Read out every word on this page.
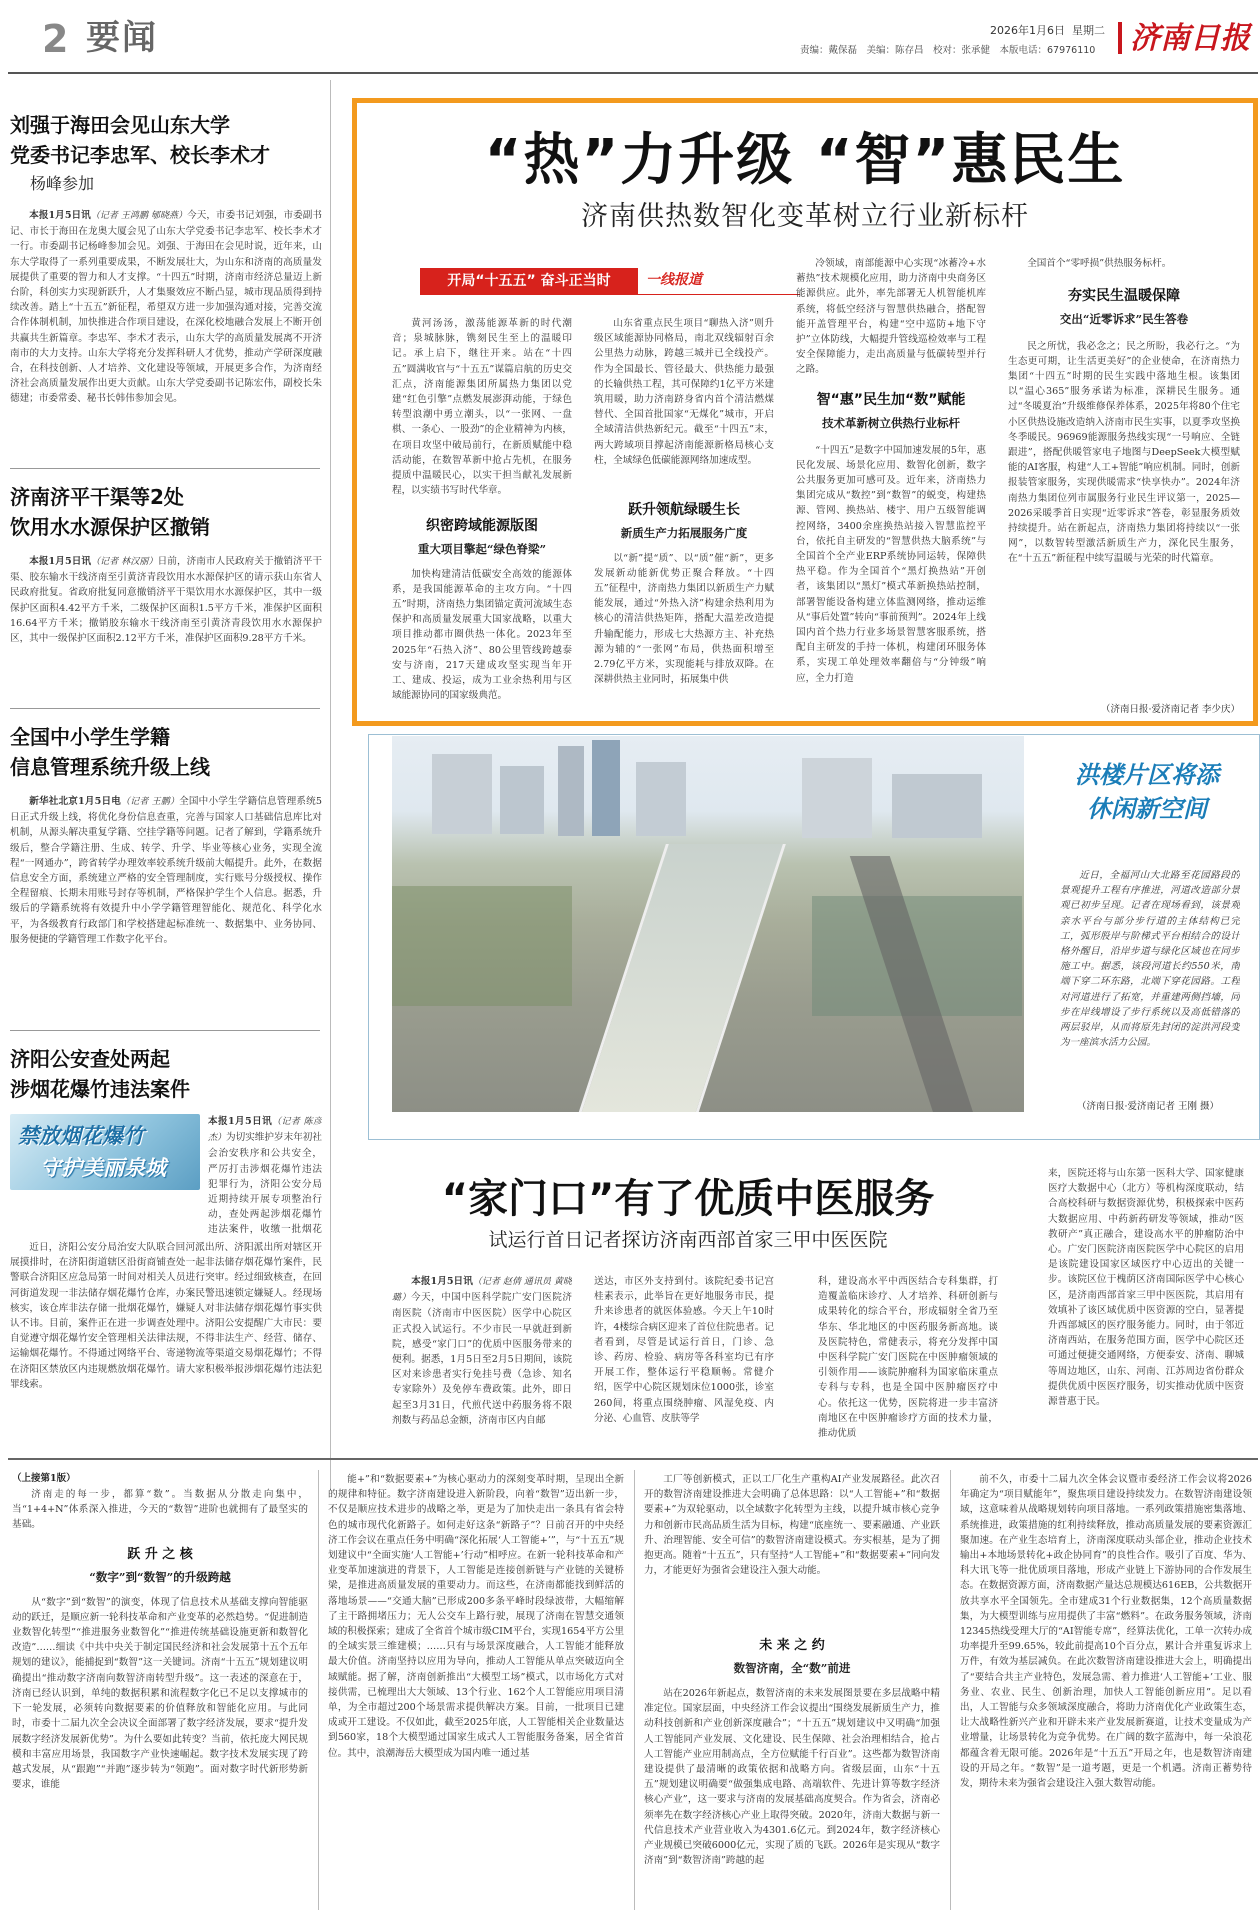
2 要闻	2026年1月6日 星期二
责编：戴保磊　美编：陈存昌　校对：张承健　本版电话：67976110 济南日报
刘强于海田会见山东大学
党委书记李忠军、校长李术才
杨峰参加
本报1月5日讯（记者 王鸿鹏 郇晓燕）今天，市委书记刘强，市委副书记、市长于海田在龙奥大厦会见了山东大学党委书记李忠军、校长李术才一行。市委副书记杨峰参加会见。刘强、于海田在会见时说，近年来，山东大学取得了一系列重要成果，不断发展壮大，为山东和济南的高质量发展提供了重要的智力和人才支撑。“十四五”时期，济南市经济总量迈上新台阶，科创实力实现新跃升，人才集聚效应不断凸显，城市现品质得到持续改善。踏上“十五五”新征程，希望双方进一步加强沟通对接，完善交流合作体制机制，加快推进合作项目建设，在深化校地融合发展上不断开创共赢共生新篇章。李忠军、李术才表示，山东大学的高质量发展离不开济南市的大力支持。山东大学将充分发挥科研人才优势，推动产学研深度融合，在科技创新、人才培养、文化建设等领域，开展更多合作，为济南经济社会高质量发展作出更大贡献。山东大学党委副书记陈宏伟，副校长朱德建；市委常委、秘书长韩伟参加会见。
济南济平干渠等2处
饮用水水源保护区撤销
本报1月5日讯（记者 林汉丽）日前，济南市人民政府关于撤销济平干渠、胶东输水干线济南至引黄济青段饮用水水源保护区的请示获山东省人民政府批复。省政府批复同意撤销济平干渠饮用水水源保护区，其中一级保护区面积4.42平方千米，二级保护区面积1.5平方千米，准保护区面积16.64平方千米；撤销胶东输水干线济南至引黄济青段饮用水水源保护区，其中一级保护区面积2.12平方千米，准保护区面积9.28平方千米。
全国中小学生学籍
信息管理系统升级上线
新华社北京1月5日电（记者 王鹏）全国中小学生学籍信息管理系统5日正式升级上线，将优化身份信息查重，完善与国家人口基础信息库比对机制，从源头解决重复学籍、空挂学籍等问题。记者了解到，学籍系统升级后，整合学籍注册、生成、转学、升学、毕业等核心业务，实现全流程“一网通办”，跨省转学办理效率较系统升级前大幅提升。此外，在数据信息安全方面，系统建立严格的安全管理制度，实行账号分级授权、操作全程留痕、长期未用账号封存等机制，严格保护学生个人信息。据悉，升级后的学籍系统将有效提升中小学学籍管理智能化、规范化、科学化水平，为各级教育行政部门和学校搭建起标准统一、数据集中、业务协同、服务便捷的学籍管理工作数字化平台。
济阳公安查处两起
涉烟花爆竹违法案件
禁放烟花爆竹
守护美丽泉城
本报1月5日讯（记者 陈彦杰）为切实维护岁末年初社会治安秩序和公共安全，严厉打击涉烟花爆竹违法犯罪行为，济阳公安分局近期持续开展专项整治行动，查处两起涉烟花爆竹违法案件，收缴一批烟花
近日，济阳公安分局治安大队联合回河派出所、济阳派出所对辖区开展摸排时，在济阳街道辖区沿街商铺查处一起非法储存烟花爆竹案件，民警联合济阳区应急局第一时间对相关人员进行突审。经过细致核查，在回河街道发现一非法储存烟花爆竹仓库，办案民警迅速锁定嫌疑人。经现场核实，该仓库非法存储一批烟花爆竹，嫌疑人对非法储存烟花爆竹事实供认不讳。目前，案件正在进一步调查处理中。济阳公安提醒广大市民：要自觉遵守烟花爆竹安全管理相关法律法规，不得非法生产、经营、储存、运输烟花爆竹。不得通过网络平台、寄递物流等渠道交易烟花爆竹；不得在济阳区禁放区内违规燃放烟花爆竹。请大家积极举报涉烟花爆竹违法犯罪线索。
“热”力升级 “智”惠民生
济南供热数智化变革树立行业新标杆
开局“十五五” 奋斗正当时	一线报道
黄河汤汤，激荡能源革新的时代潮音；泉城脉脉，镌刻民生至上的温暖印记。承上启下，继往开来。站在“十四五”圆满收官与“十五五”谋篇启航的历史交汇点，济南能源集团所属热力集团以党建“红色引擎”点燃发展澎湃动能，于绿色转型浪潮中勇立潮头，以“一张网、一盘棋、一条心、一股劲”的企业精神为内核，在项目攻坚中破局前行，在新质赋能中稳活动能，在数智革新中抢占先机，在服务提质中温暖民心，以实干担当献礼发展新程，以实绩书写时代华章。
织密跨域能源版图
重大项目擎起“绿色脊梁”
加快构建清洁低碳安全高效的能源体系，是我国能源革命的主攻方向。“十四五”时期，济南热力集团锚定黄河流域生态保护和高质量发展重大国家战略，以重大项目推动都市圈供热一体化。2023年至2025年“石热入济”、80公里管线跨越泰安与济南，217天建成攻坚实现当年开工、建成、投运，成为工业余热利用与区域能源协同的国家级典范。
山东省重点民生项目“聊热入济”则升级区域能源协同格局，南北双线辐射百余公里热力动脉，跨越三城并已全线投产。作为全国最长、管径最大、供热能力最强的长输供热工程，其可保障约1亿平方米建筑用暖，助力济南跻身省内首个清洁燃煤替代、全国首批国家“无煤化”城市，开启全域清洁供热新纪元。截至“十四五”末，两大跨域项目撑起济南能源新格局核心支柱，全域绿色低碳能源网络加速成型。
跃升领航绿暖生长
新质生产力拓展服务广度
以“新”提“质”、以“质”催“新”，更多发展新动能新优势正聚合释放。“十四五”征程中，济南热力集团以新质生产力赋能发展，通过“外热入济”构建余热利用为核心的清洁供热矩阵，搭配大温差改造提升输配能力，形成七大热源方主、补充热源为辅的“一张网”布局，供热面积增至2.79亿平方米，实现能耗与排放双降。在深耕供热主业同时，拓展集中供
冷领域，南部能源中心实现“冰蓄冷+水蓄热”技术规模化应用，助力济南中央商务区能源供应。此外，率先部署无人机智能机库系统，将低空经济与智慧供热融合，搭配智能开盖管理平台，构建“空中巡防+地下守护”立体防线，大幅提升管线巡检效率与工程安全保障能力，走出高质量与低碳转型并行之路。
智“惠”民生加“数”赋能
技术革新树立供热行业标杆
“十四五”是数字中国加速发展的5年，惠民化发展、场景化应用、数智化创新，数字公共服务更加可感可及。近年来，济南热力集团完成从“数控”到“数智”的蜕变，构建热源、管网、换热站、楼宇、用户五级智能调控网络，3400余座换热站接入智慧监控平台，依托自主研发的“智慧供热大脑系统”与全国首个全产业ERP系统协同运转，保障供热平稳。作为全国首个“黑灯换热站”开创者，该集团以“黑灯”模式革新换热站控制，部署智能设备构建立体监测网络，推动运维从“事后处置”转向“事前预判”。2024年上线国内首个热力行业多场景智慧客服系统，搭配自主研发的手持一体机，构建闭环服务体系，实现工单处理效率翻倍与“分钟级”响应，全力打造
全国首个“零呼损”供热服务标杆。
夯实民生温暖保障
交出“近零诉求”民生答卷
民之所忧，我必念之；民之所盼，我必行之。“为生态更可期，让生活更美好”的企业使命，在济南热力集团“十四五”时期的民生实践中落地生根。该集团以“温心365”服务承诺为标准，深耕民生服务。通过“冬暖夏治”升级维修保养体系，2025年将80个住宅小区供热设施改造纳入济南市民生实事，以夏季攻坚换冬季暖民。96969能源服务热线实现“一号响应、全链跟进”，搭配供暖管家电子地图与DeepSeek大模型赋能的AI客服，构建“人工+智能”响应机制。同时，创新报装管家服务，实现供暖需求“快享快办”。2024年济南热力集团位列市属服务行业民生评议第一，2025—2026采暖季首日实现“近零诉求”答卷，彰显服务质效持续提升。站在新起点，济南热力集团将持续以“一张网”，以数智转型激活新质生产力，深化民生服务，在“十五五”新征程中续写温暖与光荣的时代篇章。
（济南日报·爱济南记者 李少庆）
洪楼片区将添
休闲新空间
近日，全福河山大北路至花园路段的景观提升工程有序推进，河道改造部分景观已初步呈现。记者在现场看到，该景观亲水平台与部分步行道的主体结构已完工，弧形股岸与阶梯式平台相结合的设计格外醒目，沿岸步道与绿化区域也在同步施工中。据悉，该段河道长约550米，南端下穿二环东路，北端下穿花园路。工程对河道进行了拓宽，并重建两侧挡墙，同步在岸线增设了步行系统以及高低错落的两层驳岸，从而将原先封闭的淀洪河段变为一座滨水活力公园。
（济南日报·爱济南记者 王刚 摄）
“家门口”有了优质中医服务
试运行首日记者探访济南西部首家三甲中医医院
本报1月5日讯（记者 赵倩 通讯员 黄晓璐）今天，中国中医科学院广安门医院济南医院（济南市中医医院）医学中心院区正式投入试运行。不少市民一早就赶到新院，感受“家门口”的优质中医服务带来的便利。据悉，1月5日至2月5日期间，该院区对来诊患者实行免挂号费（急诊、知名专家除外）及免停车费政策。此外，即日起至3月31日，代煎代送中药服务将不限剂数与药品总金额，济南市区内自邮
送达，市区外支持到付。该院纪委书记宫桂素表示，此举旨在更好地服务市民，提升来诊患者的就医体验感。今天上午10时许，4楼综合病区迎来了首位住院患者。记者看到，尽管是试运行首日，门诊、急诊、药房、检验、病房等各科室均已有序开展工作，整体运行平稳顺畅。常健介绍，医学中心院区规划床位1000张，诊室260间，将重点围绕肿瘤、风湿免疫、内分泌、心血管、皮肤等学
科，建设高水平中西医结合专科集群，打造覆盖临床诊疗、人才培养、科研创新与成果转化的综合平台，形成辐射全省乃至华东、华北地区的中医药服务新高地。谈及医院特色，常健表示，将充分发挥中国中医科学院广安门医院在中医肿瘤领域的引领作用——该院肿瘤科为国家临床重点专科与专科，也是全国中医肿瘤医疗中心。依托这一优势，医院将进一步丰富济南地区在中医肿瘤诊疗方面的技术力量，推动优质
来，医院还将与山东第一医科大学、国家健康医疗大数据中心（北方）等机构深度联动，结合高校科研与数据资源优势，积极探索中医药大数据应用、中药新药研发等领域，推动“医教研产”真正融合，建设高水平的肿瘤防治中心。广安门医院济南医院医学中心院区的启用是该院建设国家区域医疗中心迈出的关键一步。该院区位于槐荫区济南国际医学中心核心区，是济南西部首家三甲中医医院，其启用有效填补了该区域优质中医资源的空白，显著提升西部城区的医疗服务能力。同时，由于邻近济南西站，在服务范围方面，医学中心院区还可通过便捷交通网络，方便泰安、济南、聊城等周边地区，山东、河南、江苏周边省份群众提供优质中医医疗服务，切实推动优质中医资源普惠于民。
（上接第1版）
济南走的每一步，都算“数”。当数据从分散走向集中，当“1+4+N”体系深入推进，今天的“数智”进阶也就拥有了最坚实的基础。
跃 升 之 核
“数字”到“数智”的升级跨越
从“数字”到“数智”的演变，体现了信息技术从基础支撑向智能驱动的跃迁，是顺应新一轮科技革命和产业变革的必然趋势。“促进制造业数智化转型”“推进服务业数智化”“推进传统基础设施更新和数智化改造”……细读《中共中央关于制定国民经济和社会发展第十五个五年规划的建议》，能捕捉到“数智”这一关键词。济南“十五五”规划建议明确提出“推动数字济南向数智济南转型升级”。这一表述的深意在于，济南已经认识到，单纯的数据积累和流程数字化已不足以支撑城市的下一轮发展，必须转向数据要素的价值释放和智能化应用。与此同时，市委十二届九次全会决议全面部署了数字经济发展，要求“提升发展数字经济发展新优势”。为什么要如此转变？当前，依托庞大网民规模和丰富应用场景，我国数字产业快速崛起。数字技术发展实现了跨越式发展，从“跟跑”“并跑”逐步转为“领跑”。面对数字时代新形势新要求，谁能
能+”和“数据要素+”为核心驱动力的深刻变革时期，呈现出全新的规律和特征。数字济南建设进入新阶段，向着“数智”迈出新一步，不仅是顺应技术进步的战略之举，更是为了加快走出一条具有省会特色的城市现代化新路子。如何走好这条“新路子”？日前召开的中央经济工作会议在重点任务中明确“深化拓展‘人工智能+’”，与“十五五”规划建议中“全面实施‘人工智能+’行动”相呼应。在新一轮科技革命和产业变革加速演进的背景下，人工智能是连接创新链与产业链的关键桥梁，是推进高质量发展的重要动力。而这些，在济南都能找到鲜活的落地场景——“交通大脑”已形成200多条平峰时段绿波带，大幅缩解了主干路拥堵压力；无人公交车上路行驶，展现了济南在智慧交通领域的积极探索；建成了全省首个城市级CIM平台，实现1654平方公里的全域实景三维建模；……只有与场景深度融合，人工智能才能释放最大价值。济南坚持以应用为导向，推动人工智能从单点突破迈向全域赋能。据了解，济南创新推出“大模型工场”模式，以市场化方式对接供需，已梳理出大大领域、13个行业、162个人工智能应用项目清单，为全市超过200个场景需求提供解决方案。目前，一批项目已建成或开工建设。不仅如此，截至2025年底，人工智能相关企业数量达到560家，18个大模型通过国家生成式人工智能服务备案，居全省首位。其中，浪潮海岳大模型成为国内唯一通过基
工厂等创新模式，正以工厂化生产重构AI产业发展路径。此次召开的数智济南建设推进大会明确了总体思路：以“人工智能+”和“数据要素+”为双轮驱动，以全域数字化转型为主线，以提升城市核心竞争力和创新市民高品质生活为目标，构建“底座统一、要素融通、产业跃升、治理智能、安全可信”的数智济南建设模式。夯实根基，是为了拥抱更高。随着“十五五”，只有坚持“人工智能+”和“数据要素+”同向发力，才能更好为强省会建设注入强大动能。
未 来 之 约
数智济南，全“数”前进
站在2026年新起点，数智济南的未来发展图景要在多层战略中精准定位。国家层面，中央经济工作会议提出“围绕发展新质生产力，推动科技创新和产业创新深度融合”；“十五五”规划建议中又明确“加强人工智能同产业发展、文化建设、民生保障、社会治理相结合，抢占人工智能产业应用制高点，全方位赋能千行百业”。这些都为数智济南建设提供了最清晰的政策依据和战略方向。省级层面，山东“十五五”规划建议明确要“做强集成电路、高端软件、先进计算等数字经济核心产业”，这一要求与济南的发展基础高度契合。作为省会，济南必须率先在数字经济核心产业上取得突破。2020年，济南大数据与新一代信息技术产业营业收入为4301.6亿元。到2024年，数字经济核心产业规模已突破6000亿元，实现了质的飞跃。2026年是实现从“数字济南”到“数智济南”跨越的起
前不久，市委十二届九次全体会议暨市委经济工作会议将2026年确定为“项目赋能年”，聚焦项目建设持续发力。在数智济南建设领域，这意味着从战略规划转向项目落地。一系列政策措施密集落地、系统推进，政策措施的红利持续释放，推动高质量发展的要素资源汇聚加速。在产业生态培育上，济南深度联动头部企业，推动企业技术输出+本地场景转化+政企协同育”的良性合作。吸引了百度、华为、科大讯飞等一批优质项目落地，形成产业链上下游协同的合作发展生态。在数据资源方面，济南数据产量达总规模达616EB，公共数据开放共享水平全国领先。全市建成31个行业数据集，12个高质量数据集，为大模型训练与应用提供了丰富“燃料”。在政务服务领域，济南12345热线受理大厅的“AI智能专席”，经算法优化，工单一次转办成功率提升至99.65%，较此前提高10个百分点，累计合并重复诉求上万件，有效为基层减负。在此次数智济南建设推进大会上，明确提出了“要结合共主产业特色，发展急需、着力推进‘人工智能+’工业、服务业、农业、民生、创新治理，加快人工智能创新应用”。足以看出，人工智能与众多领域深度融合，将助力济南优化产业政策生态，让大战略性新兴产业和开辟未来产业发展新赛道，让技术变量成为产业增量，让场景转化为竞争优势。在广阔的数字蓝海中，每一朵浪花都蕴含着无限可能。2026年是“十五五”开局之年，也是数智济南建设的开局之年。“数智”是一道考题，更是一个机遇。济南正蓄势待发，期待未来为强省会建设注入强大数智动能。
